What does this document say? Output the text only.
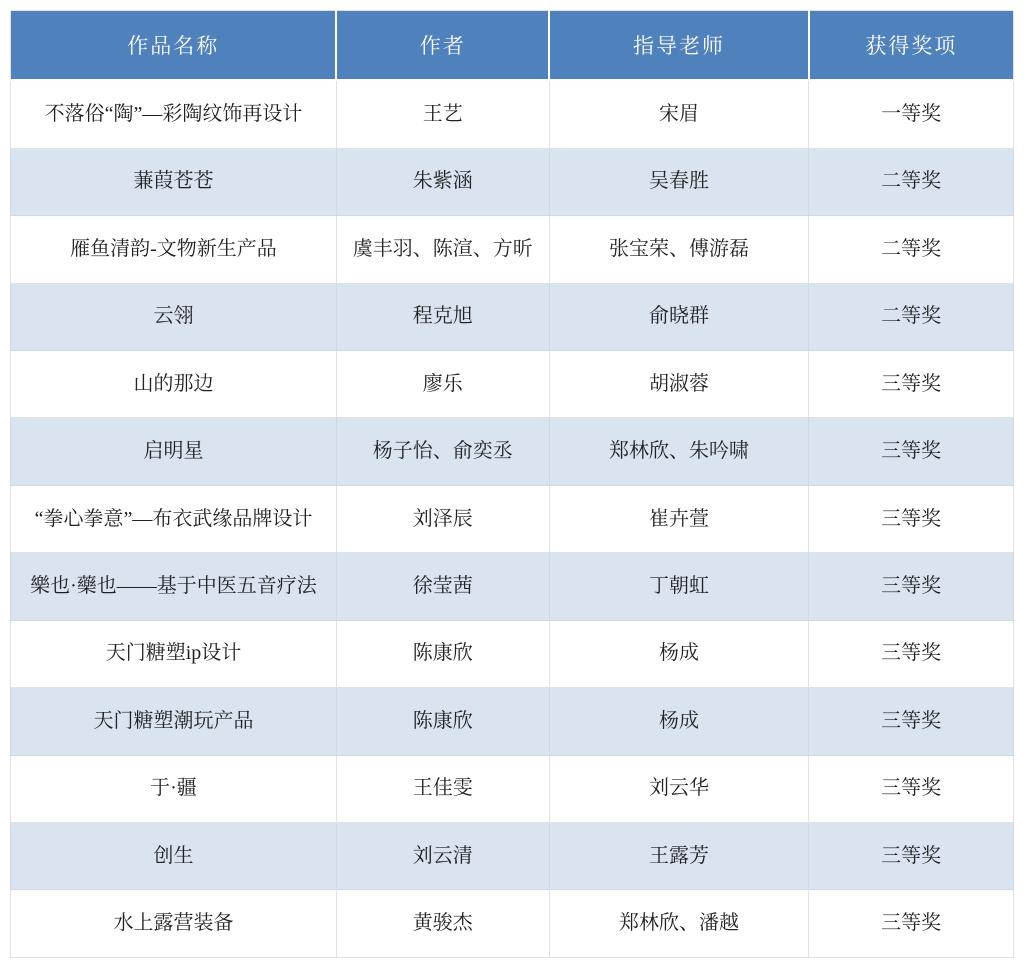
作品名称	作者	指导老师	获得奖项
不落俗“陶”—彩陶纹饰再设计	王艺	宋眉	一等奖
蒹葭苍苍	朱紫涵	吴春胜	二等奖
雁鱼清韵-文物新生产品	虞丰羽、陈渲、方昕	张宝荣、傅游磊	二等奖
云翎	程克旭	俞晓群	二等奖
山的那边	廖乐	胡淑蓉	三等奖
启明星	杨子怡、俞奕丞	郑林欣、朱吟啸	三等奖
“拳心拳意”—布衣武缘品牌设计	刘泽辰	崔卉萱	三等奖
樂也·藥也——基于中医五音疗法	徐莹茜	丁朝虹	三等奖
天门糖塑ip设计	陈康欣	杨成	三等奖
天门糖塑潮玩产品	陈康欣	杨成	三等奖
于·疆	王佳雯	刘云华	三等奖
创生	刘云清	王露芳	三等奖
水上露营装备	黄骏杰	郑林欣、潘越	三等奖
